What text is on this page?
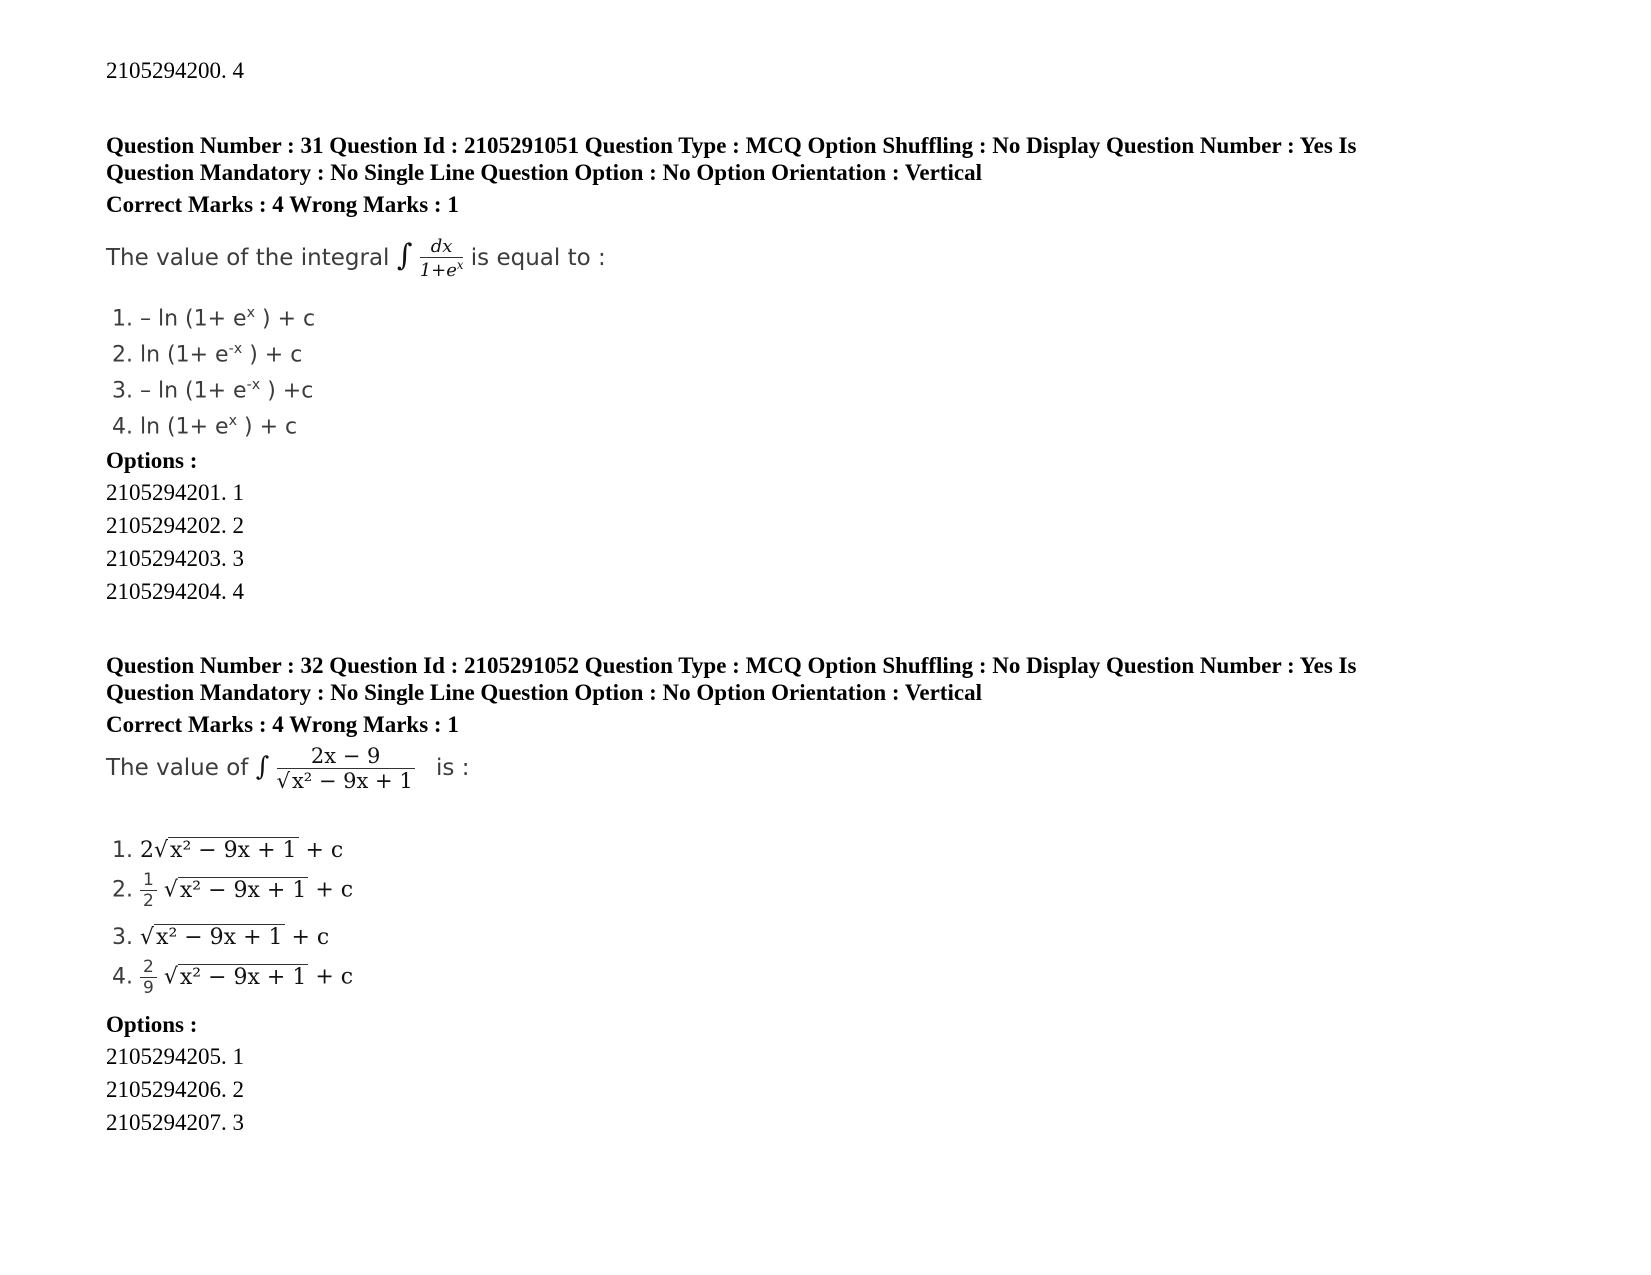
2105294200. 4
Question Number : 31 Question Id : 2105291051 Question Type : MCQ Option Shuffling : No Display Question Number : Yes Is
Question Mandatory : No Single Line Question Option : No Option Orientation : Vertical
Correct Marks : 4 Wrong Marks : 1
The value of the integral ∫ $\frac{dx}{1+e^x}$ is equal to :
1. – $\ln (1+ e^x$ ) + c
2. $\ln (1+ e^{-x}$ ) + c
3. – $\ln (1+ e^{-x}$ ) +c
4. $\ln (1+ e^x$ ) + c
Options :
2105294201. 1
2105294202. 2
2105294203. 3
2105294204. 4
Question Number : 32 Question Id : 2105291052 Question Type : MCQ Option Shuffling : No Display Question Number : Yes Is
Question Mandatory : No Single Line Question Option : No Option Orientation : Vertical
Correct Marks : 4 Wrong Marks : 1
The value of ∫ $\frac{2x - 9}{\text{√x² − 9x + 1}}$ is :
1. 2√x² − 9x + 1 + c
2. $\frac{1}{2} √x^2 - 9x + 1 + c$
3. √x² − 9x + 1 + c
4. $\frac{2}{9} √x^2 - 9x + 1 + c$
Options :
2105294205. 1
2105294206. 2
2105294207. 3
